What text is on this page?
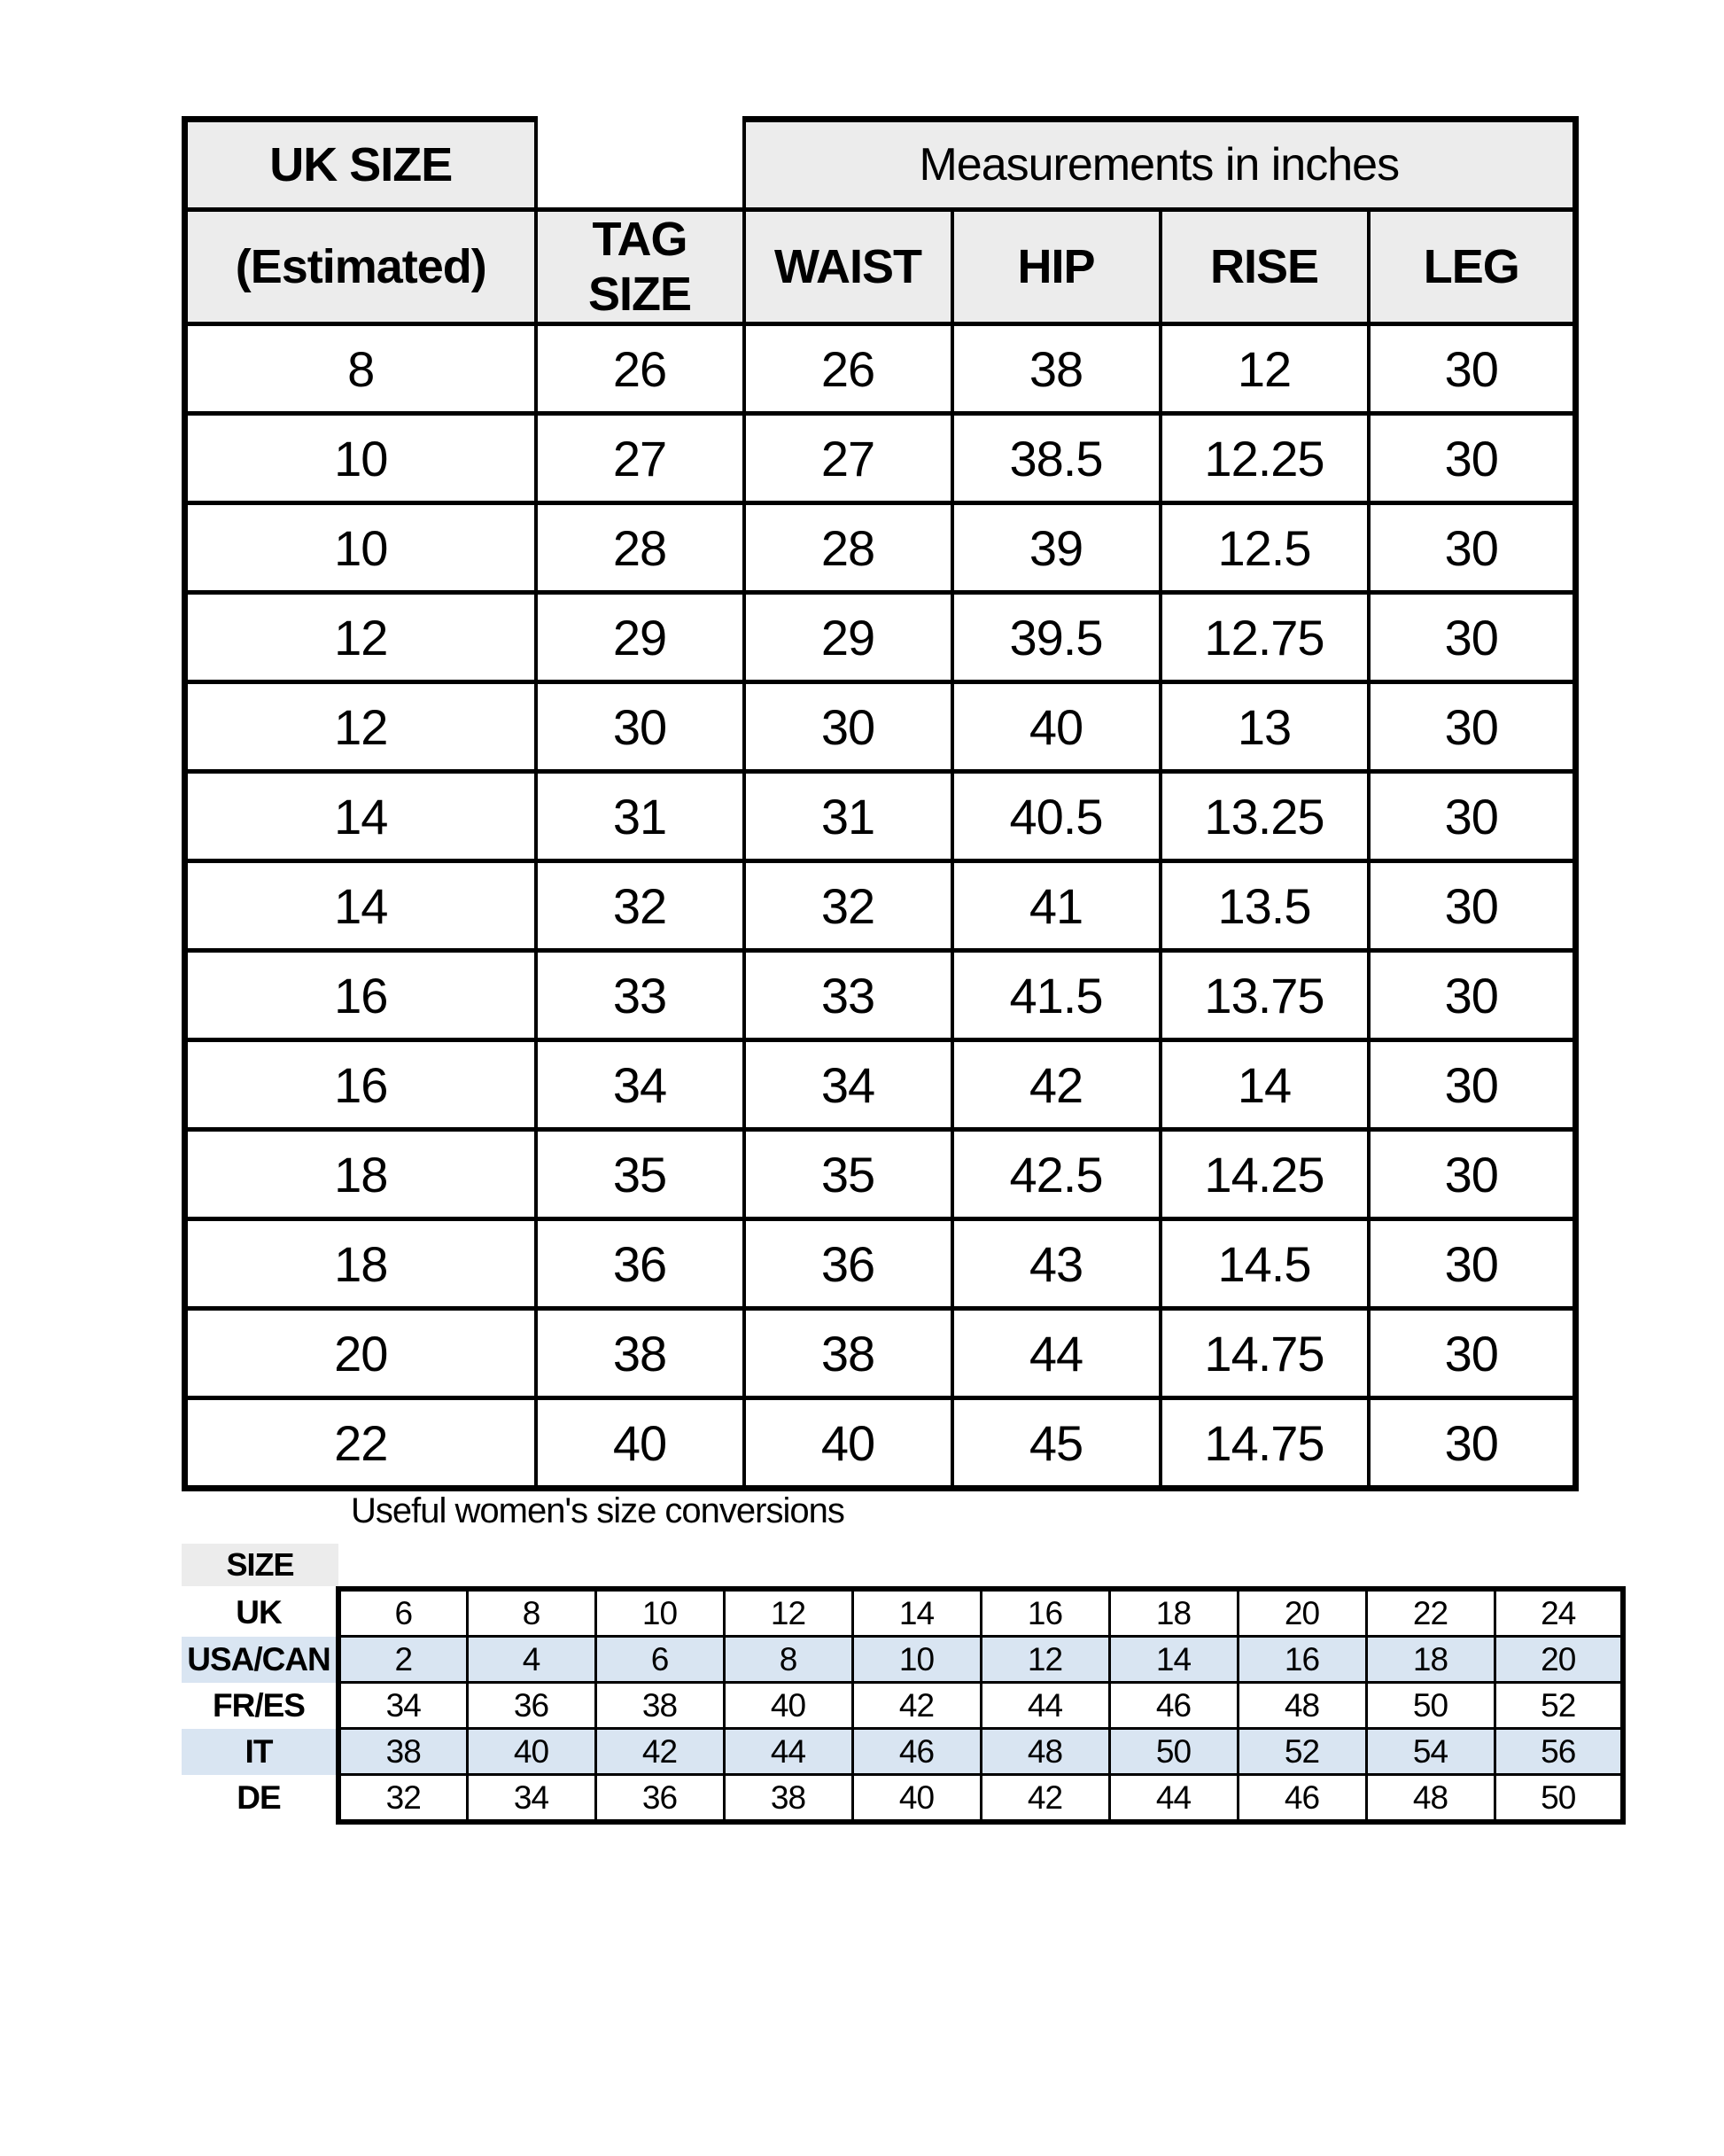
UK SIZE		Measurements in inches			
(Estimated)	TAG SIZE	WAIST	HIP	RISE	LEG
8	26	26	38	12	30
10	27	27	38.5	12.25	30
10	28	28	39	12.5	30
12	29	29	39.5	12.75	30
12	30	30	40	13	30
14	31	31	40.5	13.25	30
14	32	32	41	13.5	30
16	33	33	41.5	13.75	30
16	34	34	42	14	30
18	35	35	42.5	14.25	30
18	36	36	43	14.5	30
20	38	38	44	14.75	30
22	40	40	45	14.75	30
Useful women's size conversions
SIZE
UK	6	8	10	12	14	16	18	20	22	24
USA/CAN	2	4	6	8	10	12	14	16	18	20
FR/ES	34	36	38	40	42	44	46	48	50	52
IT	38	40	42	44	46	48	50	52	54	56
DE	32	34	36	38	40	42	44	46	48	50
